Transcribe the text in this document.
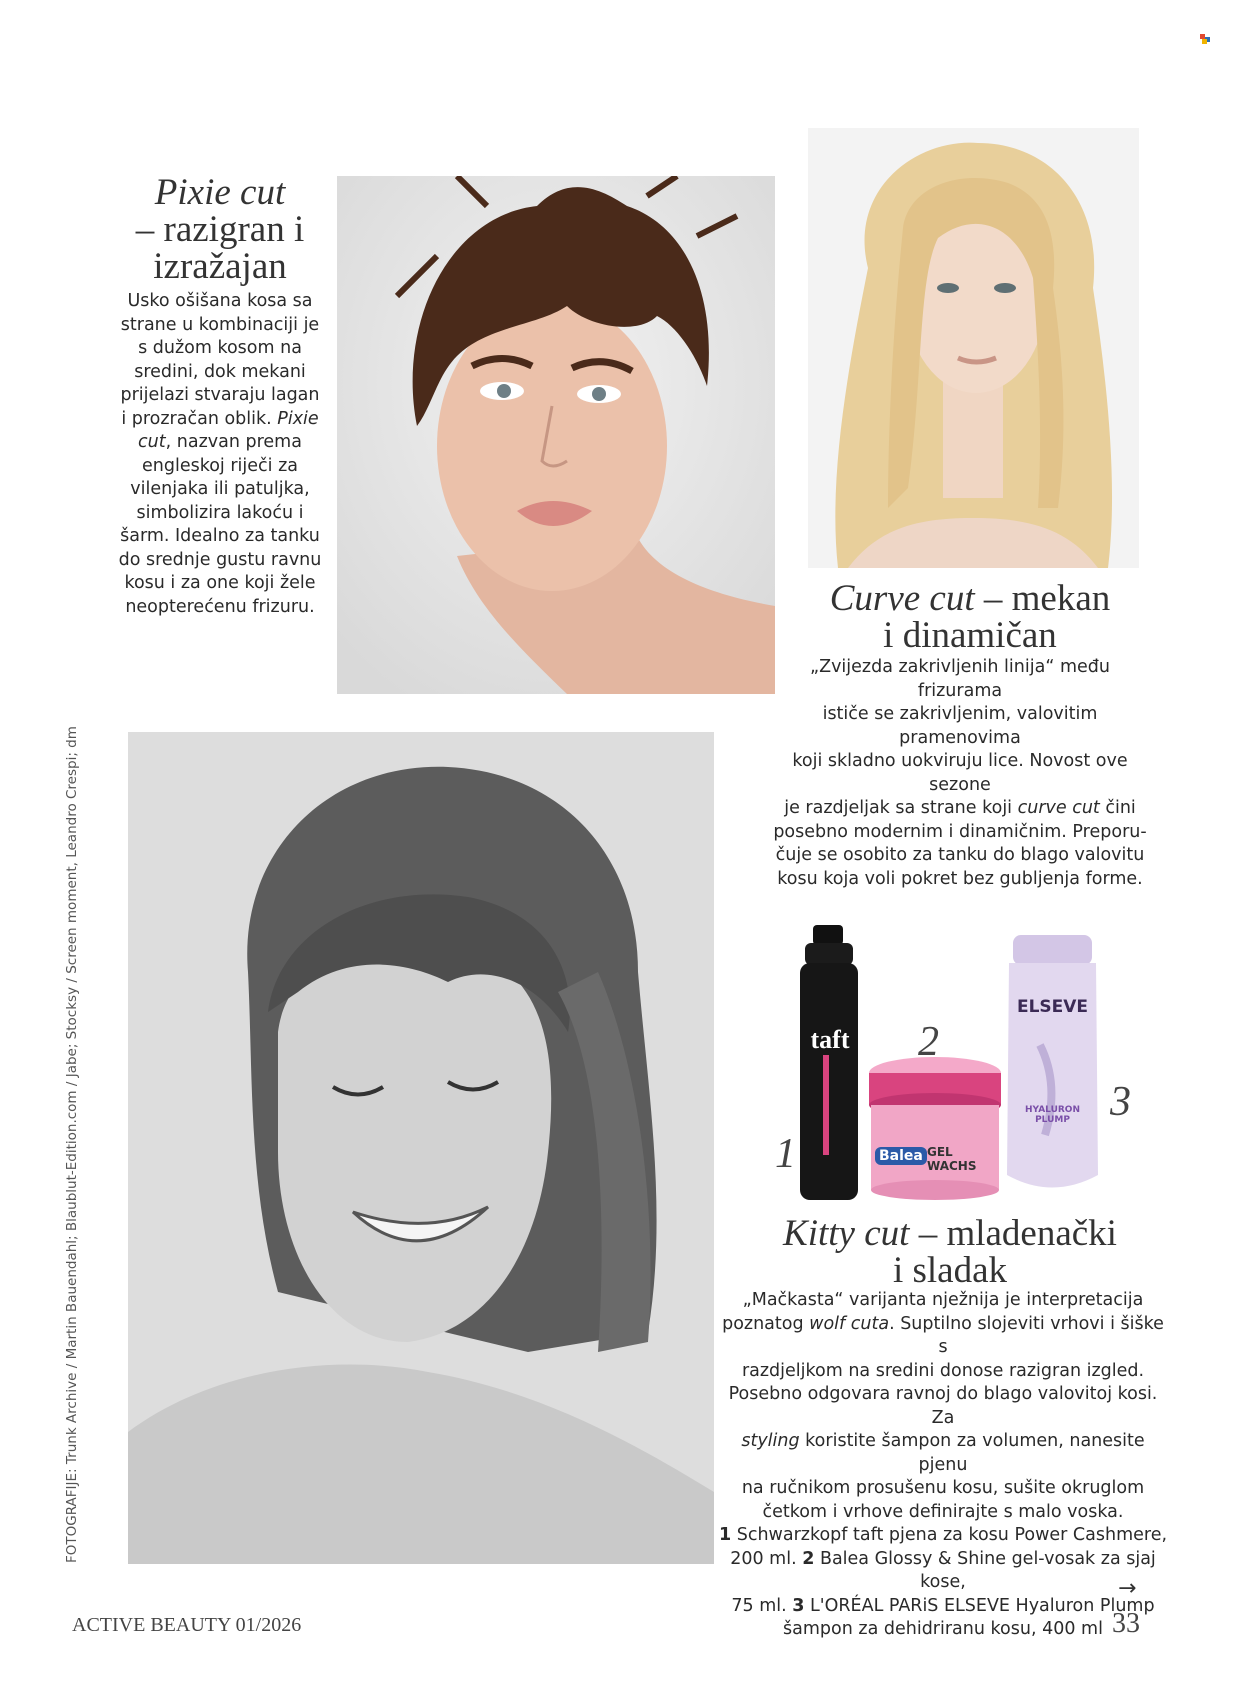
Pixie cut

– razigran i

izražajan

Usko ošišana kosa sa
strane u kombinaciji je
s dužom kosom na
sredini, dok mekani
prijelazi stvaraju lagan
i prozračan oblik. Pixie
cut, nazvan prema
engleskoj riječi za
vilenjaka ili patuljka,
simbolizira lakoću i
šarm. Idealno za tanku
do srednje gustu ravnu
kosu i za one koji žele
neopterećenu frizuru.	Curve cut – mekan

i dinamičan

„Zvijezda zakrivljenih linija“ među frizurama
ističe se zakrivljenim, valovitim pramenovima
koji skladno uokviruju lice. Novost ove sezone
je razdjeljak sa strane koji curve cut čini
posebno modernim i dinamičnim. Preporu-
čuje se osobito za tanku do blago valovitu
kosu koja voli pokret bez gubljenja forme.
FOTOGRAFIJE: Trunk Archive / Martin Bauendahl; Blaublut-Edition.com / Jabe; Stocksy / Screen moment, Leandro Crespi; dm	taft
Balea GEL WACHS
ELSEVE
HYALURON PLUMP
1
2
3

Kitty cut – mladenački

i sladak

„Mačkasta“ varijanta nježnija je interpretacija
poznatog wolf cuta. Suptilno slojeviti vrhovi i šiške s
razdjeljkom na sredini donose razigran izgled.
Posebno odgovara ravnoj do blago valovitoj kosi. Za
styling koristite šampon za volumen, nanesite pjenu
na ručnikom prosušenu kosu, sušite okruglom
četkom i vrhove definirajte s malo voska.
1 Schwarzkopf taft pjena za kosu Power Cashmere,
200 ml. 2 Balea Glossy & Shine gel-vosak za sjaj kose,
75 ml. 3 L'ORÉAL PARiS ELSEVE Hyaluron Plump
šampon za dehidriranu kosu, 400 ml
→
ACTIVE BEAUTY 01/2026	33
